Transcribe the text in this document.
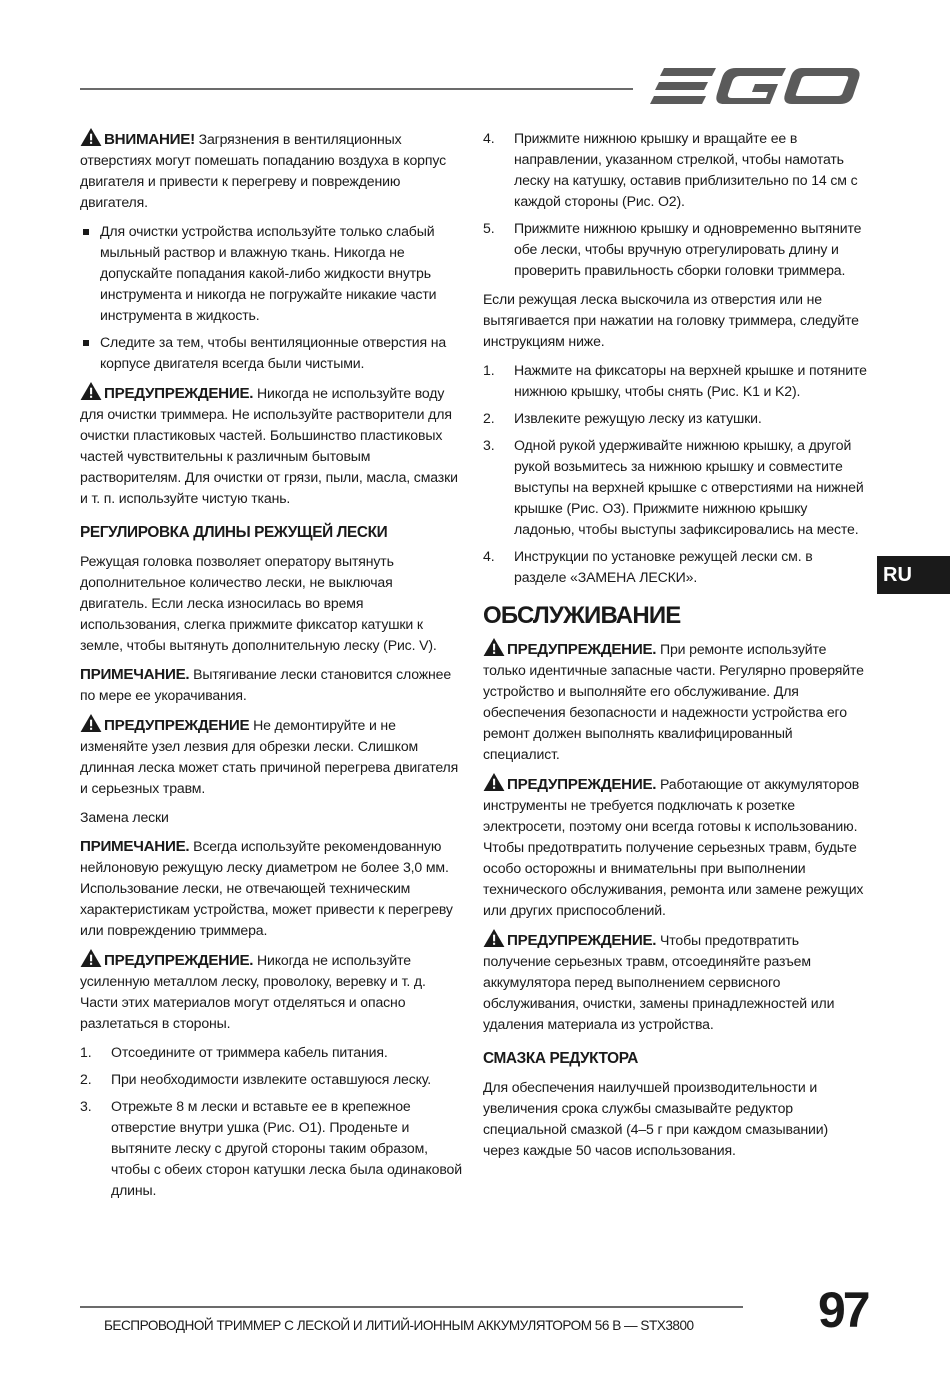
ВНИМАНИЕ! Загрязнения в вентиляционных отверстиях могут помешать попаданию воздуха в корпус двигателя и привести к перегреву и повреждению двигателя.

Для очистки устройства используйте только слабый мыльный раствор и влажную ткань. Никогда не допускайте попадания какой-либо жидкости внутрь инструмента и никогда не погружайте никакие части инструмента в жидкость.
Следите за тем, чтобы вентиляционные отверстия на корпусе двигателя всегда были чистыми.

ПРЕДУПРЕЖДЕНИЕ. Никогда не используйте воду для очистки триммера. Не используйте растворители для очистки пластиковых частей. Большинство пластиковых частей чувствительны к различным бытовым растворителям. Для очистки от грязи, пыли, масла, смазки и т. п. используйте чистую ткань.

РЕГУЛИРОВКА ДЛИНЫ РЕЖУЩЕЙ ЛЕСКИ

Режущая головка позволяет оператору вытянуть дополнительное количество лески, не выключая двигатель. Если леска износилась во время использования, слегка прижмите фиксатор катушки к земле, чтобы вытянуть дополнительную леску (Рис. V).

ПРИМЕЧАНИЕ. Вытягивание лески становится сложнее по мере ее укорачивания.

ПРЕДУПРЕЖДЕНИЕ Не демонтируйте и не изменяйте узел лезвия для обрезки лески. Слишком длинная леска может стать причиной перегрева двигателя и серьезных травм.

Замена лески

ПРИМЕЧАНИЕ. Всегда используйте рекомендованную нейлоновую режущую леску диаметром не более 3,0 мм. Использование лески, не отвечающей техническим характеристикам устройства, может привести к перегреву или повреждению триммера.

ПРЕДУПРЕЖДЕНИЕ. Никогда не используйте усиленную металлом леску, проволоку, веревку и т. д. Части этих материалов могут отделяться и опасно разлетаться в стороны.

1. Отсоедините от триммера кабель питания.
2. При необходимости извлеките оставшуюся леску.
3. Отрежьте 8 м лески и вставьте ее в крепежное отверстие внутри ушка (Рис. O1). Проденьте и вытяните леску с другой стороны таким образом, чтобы с обеих сторон катушки леска была одинаковой длины.
4. Прижмите нижнюю крышку и вращайте ее в направлении, указанном стрелкой, чтобы намотать леску на катушку, оставив приблизительно по 14 см с каждой стороны (Рис. O2).
5. Прижмите нижнюю крышку и одновременно вытяните обе лески, чтобы вручную отрегулировать длину и проверить правильность сборки головки триммера.

Если режущая леска выскочила из отверстия или не вытягивается при нажатии на головку триммера, следуйте инструкциям ниже.

1. Нажмите на фиксаторы на верхней крышке и потяните нижнюю крышку, чтобы снять (Рис. K1 и K2).
2. Извлеките режущую леску из катушки.
3. Одной рукой удерживайте нижнюю крышку, а другой рукой возьмитесь за нижнюю крышку и совместите выступы на верхней крышке с отверстиями на нижней крышке (Рис. O3). Прижмите нижнюю крышку ладонью, чтобы выступы зафиксировались на месте.
4. Инструкции по установке режущей лески см. в разделе «ЗАМЕНА ЛЕСКИ».
ОБСЛУЖИВАНИЕ

ПРЕДУПРЕЖДЕНИЕ. При ремонте используйте только идентичные запасные части. Регулярно проверяйте устройство и выполняйте его обслуживание. Для обеспечения безопасности и надежности устройства его ремонт должен выполнять квалифицированный специалист.

ПРЕДУПРЕЖДЕНИЕ. Работающие от аккумуляторов инструменты не требуется подключать к розетке электросети, поэтому они всегда готовы к использованию. Чтобы предотвратить получение серьезных травм, будьте особо осторожны и внимательны при выполнении технического обслуживания, ремонта или замене режущих или других приспособлений.

ПРЕДУПРЕЖДЕНИЕ. Чтобы предотвратить получение серьезных травм, отсоединяйте разъем аккумулятора перед выполнением сервисного обслуживания, очистки, замены принадлежностей или удаления материала из устройства.

СМАЗКА РЕДУКТОРА

Для обеспечения наилучшей производительности и увеличения срока службы смазывайте редуктор специальной смазкой (4–5 г при каждом смазывании) через каждые 50 часов использования.

RU
БЕСПРОВОДНОЙ ТРИММЕР С ЛЕСКОЙ И ЛИТИЙ-ИОННЫМ АККУМУЛЯТОРОМ 56 В — STX3800 97
